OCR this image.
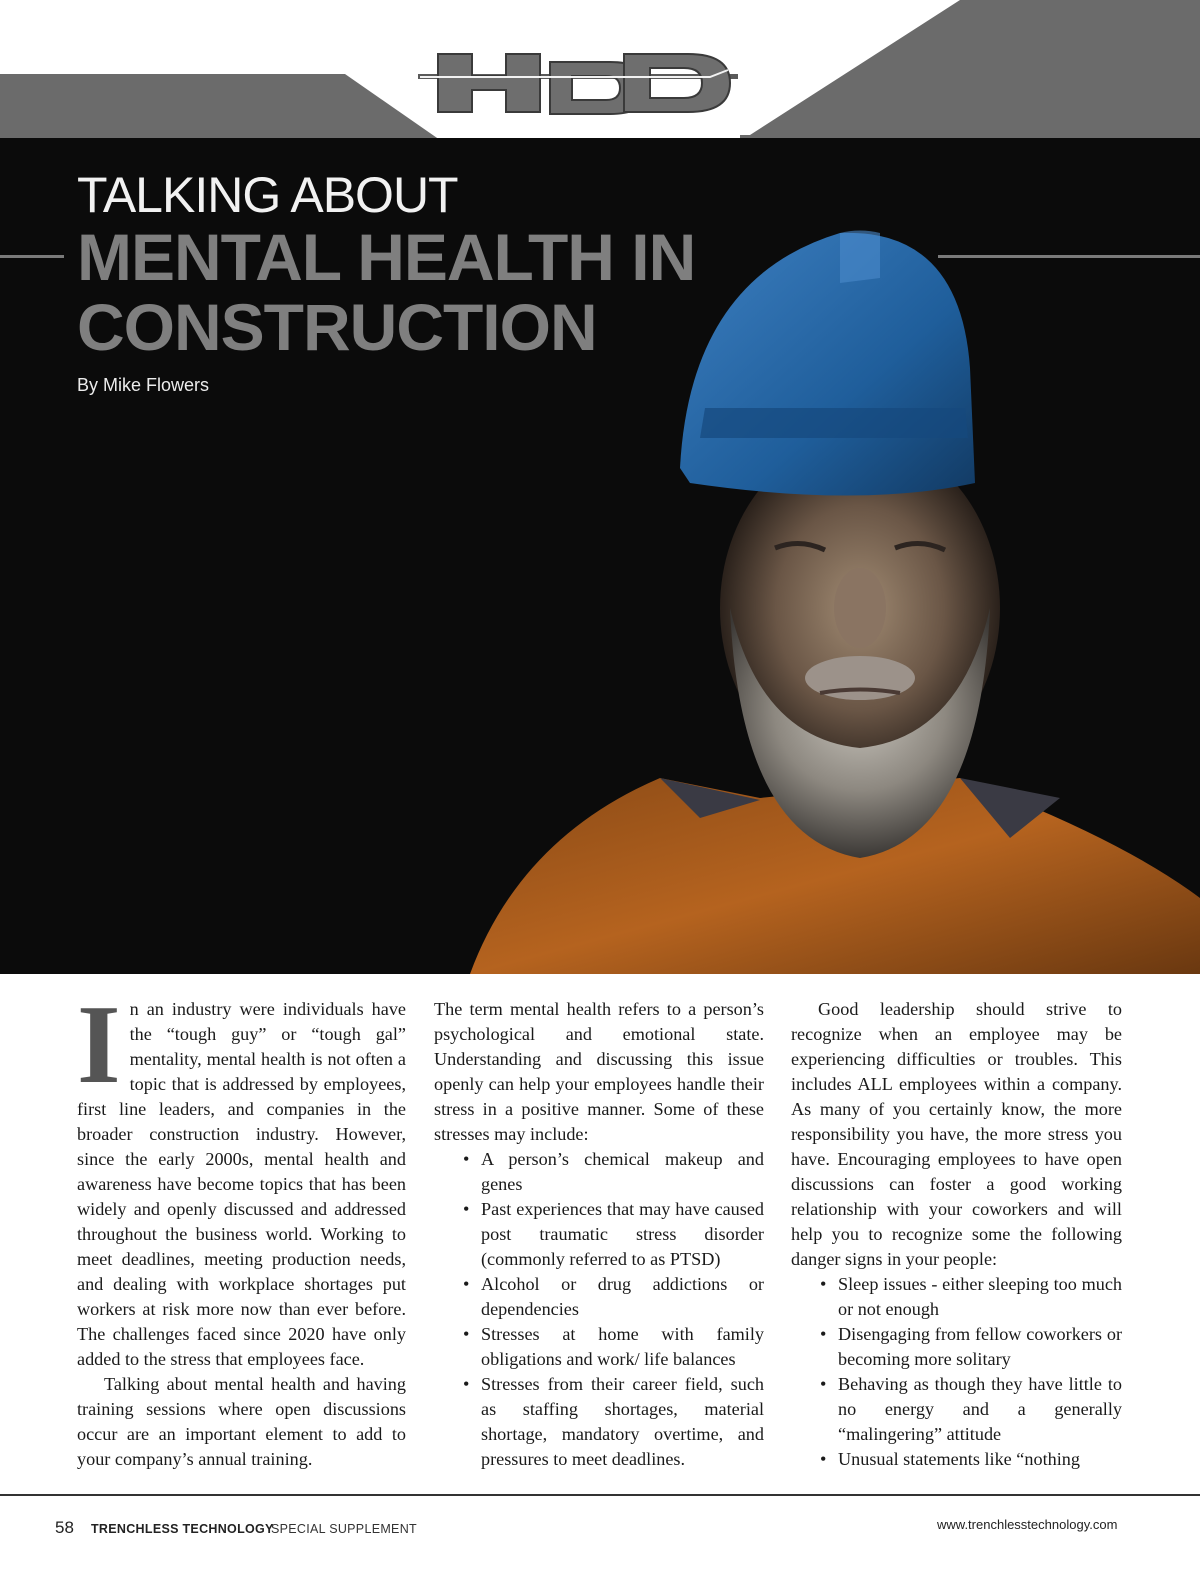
HDD
TALKING ABOUT
MENTAL HEALTH IN
CONSTRUCTION
By Mike Flowers

In an industry were individuals have the “tough guy” or “tough gal” mentality, mental health is not often a topic that is addressed by employees, first line leaders, and companies in the broader construction industry. However, since the early 2000s, mental health and awareness have become topics that has been widely and openly discussed and addressed throughout the business world. Working to meet deadlines, meeting production needs, and dealing with workplace shortages put workers at risk more now than ever before. The challenges faced since 2020 have only added to the stress that employees face.

Talking about mental health and having training sessions where open discussions occur are an important element to add to your company’s annual training.

The term mental health refers to a person’s psychological and emotional state. Understanding and discussing this issue openly can help your employees handle their stress in a positive manner. Some of these stresses may include:

• A person’s chemical makeup and genes
• Past experiences that may have caused post traumatic stress disorder (commonly referred to as PTSD)
• Alcohol or drug addictions or dependencies
• Stresses at home with family obligations and work/ life balances
• Stresses from their career field, such as staffing shortages, material shortage, mandatory overtime, and pressures to meet deadlines.

Good leadership should strive to recognize when an employee may be experiencing difficulties or troubles. This includes ALL employees within a company. As many of you certainly know, the more responsibility you have, the more stress you have. Encouraging employees to have open discussions can foster a good working relationship with your coworkers and will help you to recognize some the following danger signs in your people:

• Sleep issues - either sleeping too much or not enough
• Disengaging from fellow coworkers or becoming more solitary
• Behaving as though they have little to no energy and a generally “malingering” attitude
• Unusual statements like “nothing
58 TRENCHLESS TECHNOLOGY
SPECIAL SUPPLEMENT	www.trenchlesstechnology.com
